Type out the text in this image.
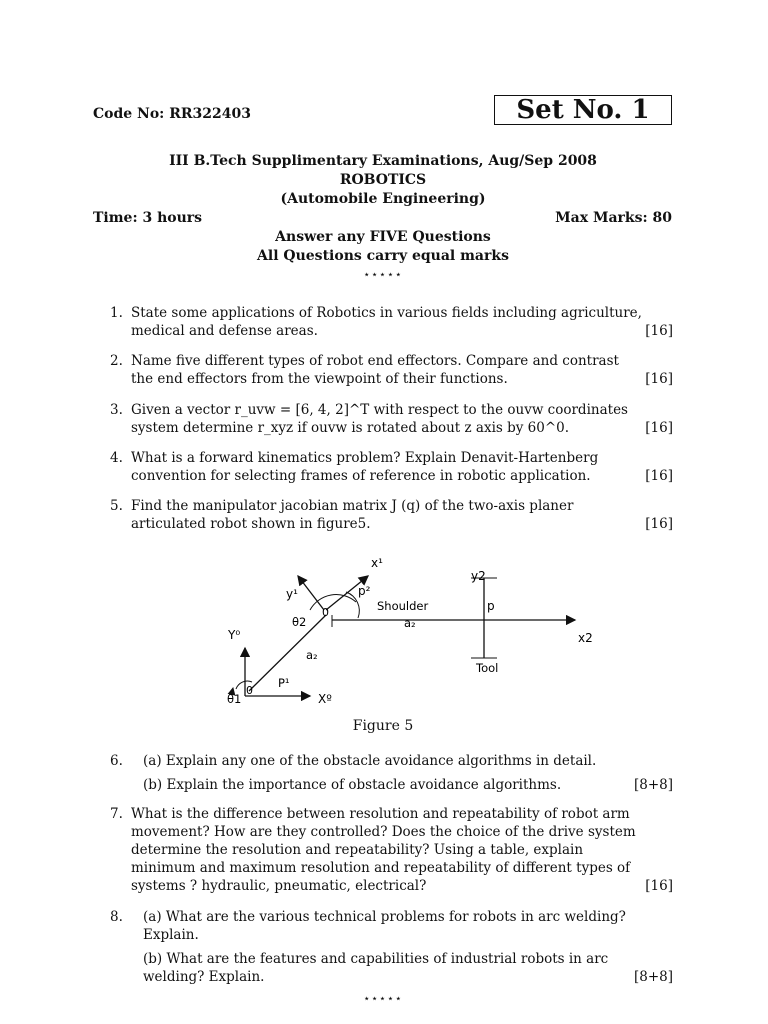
Code No: RR322403	Set No. 1
III B.Tech Supplimentary Examinations, Aug/Sep 2008
ROBOTICS
(Automobile Engineering)
Time: 3 hours	Max Marks: 80
Answer any FIVE Questions
All Questions carry equal marks
⋆⋆⋆⋆⋆
1. State some applications of Robotics in various fields including agriculture, medical and defense areas.	[16]
2. Name five different types of robot end effectors. Compare and contrast the end effectors from the viewpoint of their functions.	[16]
3. Given a vector r_uvw = [6, 4, 2]^T with respect to the ouvw coordinates system determine r_xyz if ouvw is rotated about z axis by 60^0.	[16]
4. What is a forward kinematics problem? Explain Denavit-Hartenberg convention for selecting frames of reference in robotic application.	[16]
5. Find the manipulator jacobian matrix J (q) of the two-axis planer articulated robot shown in figure5.	[16]
x¹
y¹	p²
Shoulder
a₂
θ2
Y⁰
a₂
P¹
θ1	Xº
y2
p
x2
Tool
0
0
Figure 5
6. (a) Explain any one of the obstacle avoidance algorithms in detail.
(b) Explain the importance of obstacle avoidance algorithms.	[8+8]
7. What is the difference between resolution and repeatability of robot arm movement? How are they controlled? Does the choice of the drive system determine the resolution and repeatability? Using a table, explain minimum and maximum resolution and repeatability of different types of systems ? hydraulic, pneumatic, electrical?	[16]
8. (a) What are the various technical problems for robots in arc welding? Explain.
(b) What are the features and capabilities of industrial robots in arc welding? Explain.	[8+8]
⋆⋆⋆⋆⋆
